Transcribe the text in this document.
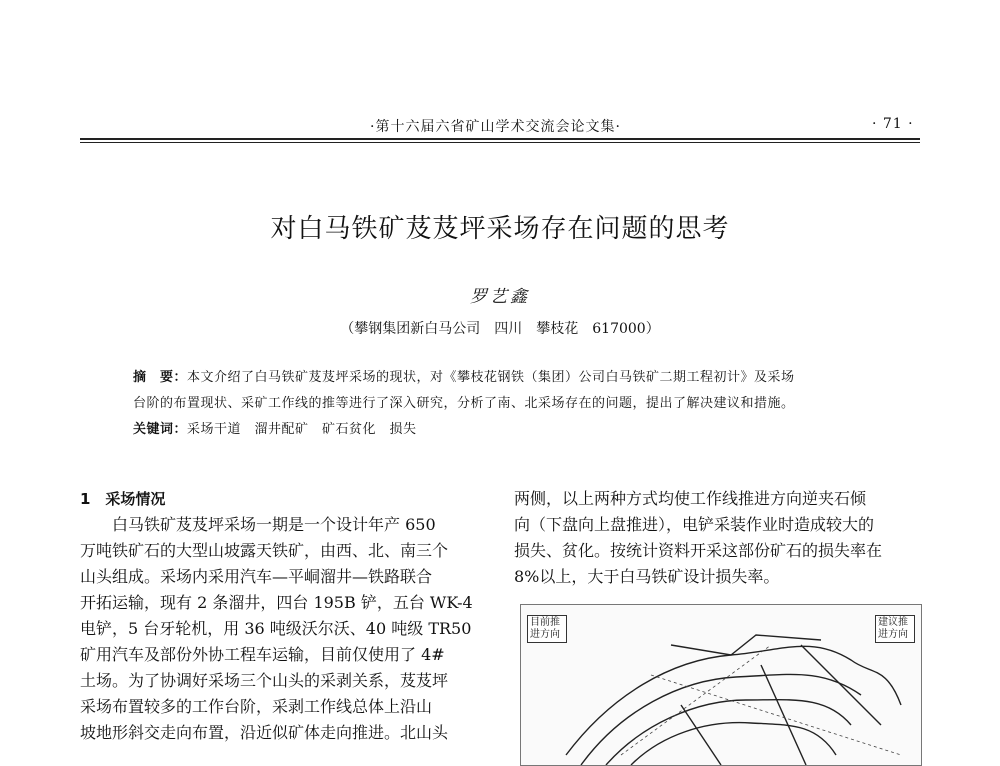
·第十六届六省矿山学术交流会论文集·	· 71 ·
对白马铁矿芨芨坪采场存在问题的思考
罗艺鑫
（攀钢集团新白马公司　四川　攀枝花　617000）
摘　要：本文介绍了白马铁矿芨芨坪采场的现状，对《攀枝花钢铁（集团）公司白马铁矿二期工程初计》及采场
台阶的布置现状、采矿工作线的推等进行了深入研究，分析了南、北采场存在的问题，提出了解决建议和措施。
关键词：采场干道　溜井配矿　矿石贫化　损失
1　采场情况
白马铁矿芨芨坪采场一期是一个设计年产 650
万吨铁矿石的大型山坡露天铁矿，由西、北、南三个
山头组成。采场内采用汽车—平峒溜井—铁路联合
开拓运输，现有 2 条溜井，四台 195B 铲，五台 WK-4
电铲，5 台牙轮机，用 36 吨级沃尔沃、40 吨级 TR50
矿用汽车及部份外协工程车运输，目前仅使用了 4#
土场。为了协调好采场三个山头的采剥关系，芨芨坪
采场布置较多的工作台阶，采剥工作线总体上沿山
坡地形斜交走向布置，沿近似矿体走向推进。北山头
两侧，以上两种方式均使工作线推进方向逆夹石倾
向（下盘向上盘推进），电铲采装作业时造成较大的
损失、贫化。按统计资料开采这部份矿石的损失率在
8%以上，大于白马铁矿设计损失率。
目前推进方向
建议推进方向
